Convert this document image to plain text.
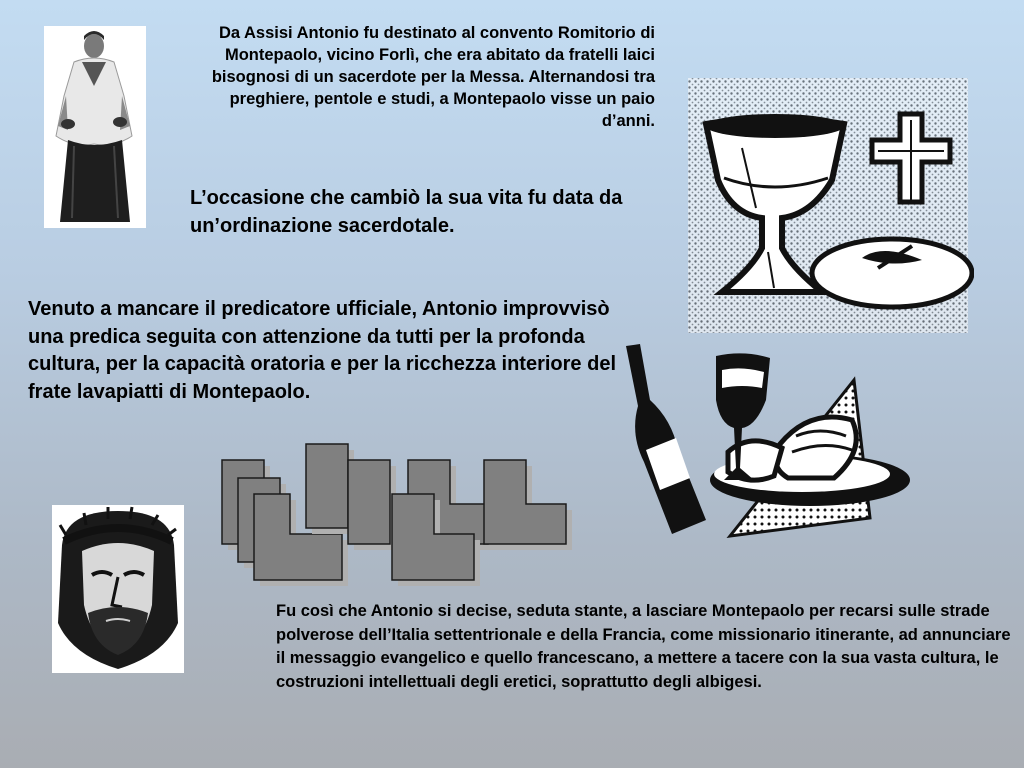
Da Assisi Antonio fu destinato al convento Romitorio di Montepaolo, vicino Forlì, che era abitato da fratelli laici bisognosi di un sacerdote per la Messa. Alternandosi tra preghiere, pentole e studi, a Montepaolo visse un paio d’anni.

L’occasione che cambiò la sua vita fu data da un’ordinazione sacerdotale.

Venuto a mancare il predicatore ufficiale, Antonio improvvisò una predica seguita con attenzione da tutti per la profonda cultura, per la capacità oratoria e per la ricchezza interiore del frate lavapiatti di Montepaolo.

Fu così che Antonio si decise, seduta stante, a lasciare Montepaolo per recarsi sulle strade polverose dell’Italia settentrionale e della Francia, come missionario itinerante, ad annunciare il messaggio evangelico e quello francescano, a mettere a tacere con la sua vasta cultura, le costruzioni intellettuali degli eretici, soprattutto degli albigesi.
